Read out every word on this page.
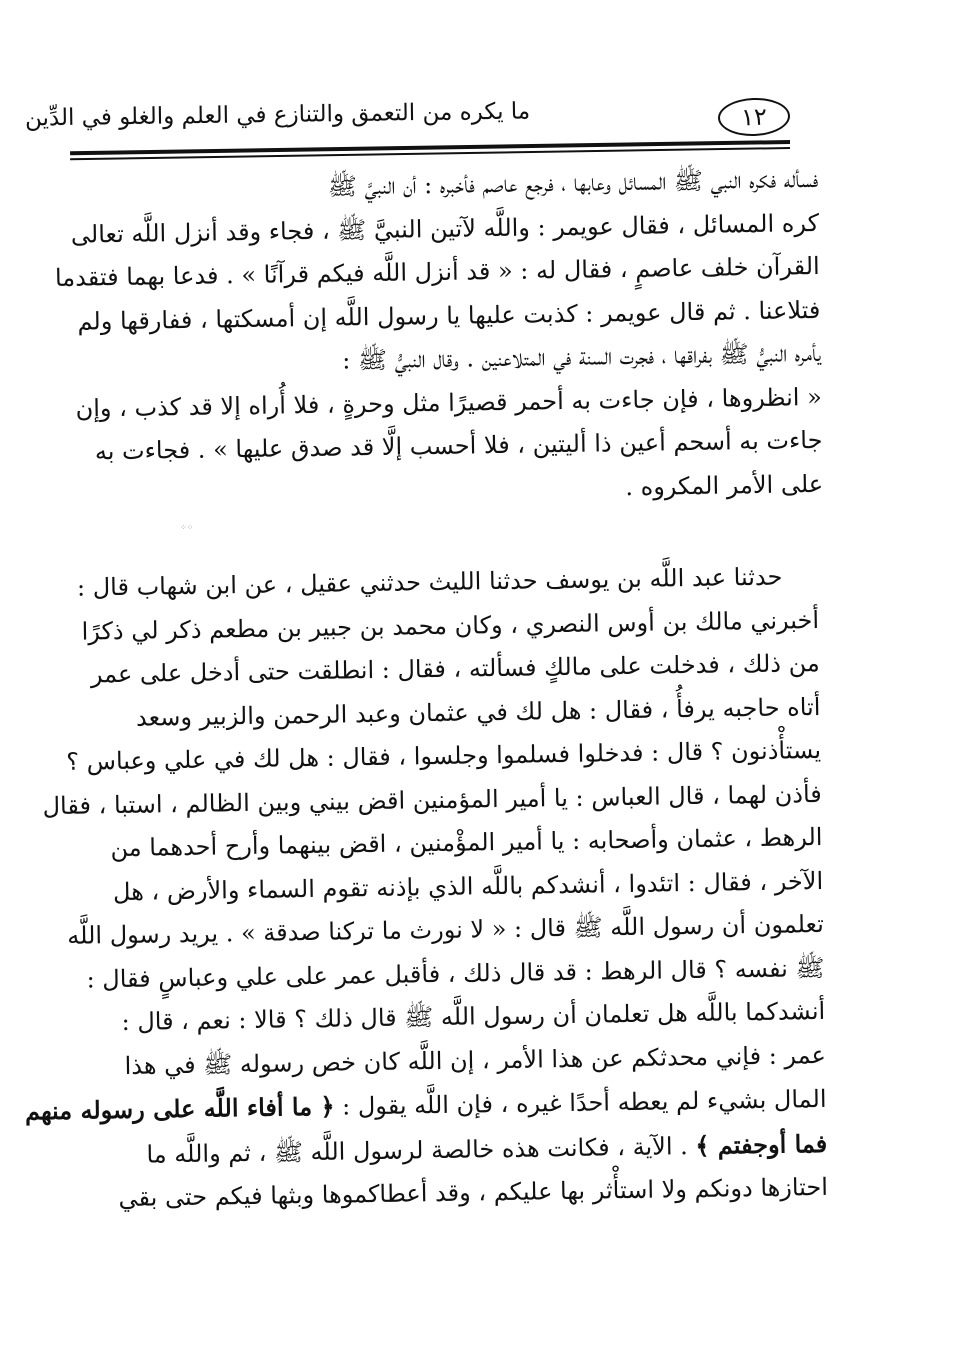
ما يكره من التعمق والتنازع في العلم والغلو في الدِّين	١٢
فسأله فكره النبي ﷺ المسائل وعابها ، فرجع عاصم فأخبره : أن النبيَّ ﷺ
كره المسائل ، فقال عويمر : واللَّه لآتين النبيَّ ﷺ ، فجاء وقد أنزل اللَّه تعالى
القرآن خلف عاصمٍ ، فقال له : « قد أنزل اللَّه فيكم قرآنًا » . فدعا بهما فتقدما
فتلاعنا . ثم قال عويمر : كذبت عليها يا رسول اللَّه إن أمسكتها ، ففارقها ولم
يأمره النبيُّ ﷺ بفراقها ، فجرت السنة في المتلاعنين . وقال النبيُّ ﷺ :
« انظروها ، فإن جاءت به أحمر قصيرًا مثل وحرةٍ ، فلا أُراه إلا قد كذب ، وإن
جاءت به أسحم أعين ذا أليتين ، فلا أحسب إلَّا قد صدق عليها » . فجاءت به
على الأمر المكروه .
⁘⁘
حدثنا عبد اللَّه بن يوسف حدثنا الليث حدثني عقيل ، عن ابن شهاب قال :
أخبرني مالك بن أوس النصري ، وكان محمد بن جبير بن مطعم ذكر لي ذكرًا
من ذلك ، فدخلت على مالكٍ فسألته ، فقال : انطلقت حتى أدخل على عمر
أتاه حاجبه يرفأُ ، فقال : هل لك في عثمان وعبد الرحمن والزبير وسعد
يستأْذنون ؟ قال : فدخلوا فسلموا وجلسوا ، فقال : هل لك في علي وعباس ؟
فأذن لهما ، قال العباس : يا أمير المؤمنين اقض بيني وبين الظالم ، استبا ، فقال
الرهط ، عثمان وأصحابه : يا أمير المؤْمنين ، اقض بينهما وأرح أحدهما من
الآخر ، فقال : اتئدوا ، أنشدكم باللَّه الذي بإذنه تقوم السماء والأرض ، هل
تعلمون أن رسول اللَّه ﷺ قال : « لا نورث ما تركنا صدقة » . يريد رسول اللَّه
ﷺ نفسه ؟ قال الرهط : قد قال ذلك ، فأقبل عمر على علي وعباسٍ فقال :
أنشدكما باللَّه هل تعلمان أن رسول اللَّه ﷺ قال ذلك ؟ قالا : نعم ، قال :
عمر : فإني محدثكم عن هذا الأمر ، إن اللَّه كان خص رسوله ﷺ في هذا
المال بشيء لم يعطه أحدًا غيره ، فإن اللَّه يقول : ﴿ ما أفاء اللَّه على رسوله منهم
فما أوجفتم ﴾ . الآية ، فكانت هذه خالصة لرسول اللَّه ﷺ ، ثم واللَّه ما
احتازها دونكم ولا استأْثر بها عليكم ، وقد أعطاكموها وبثها فيكم حتى بقي
